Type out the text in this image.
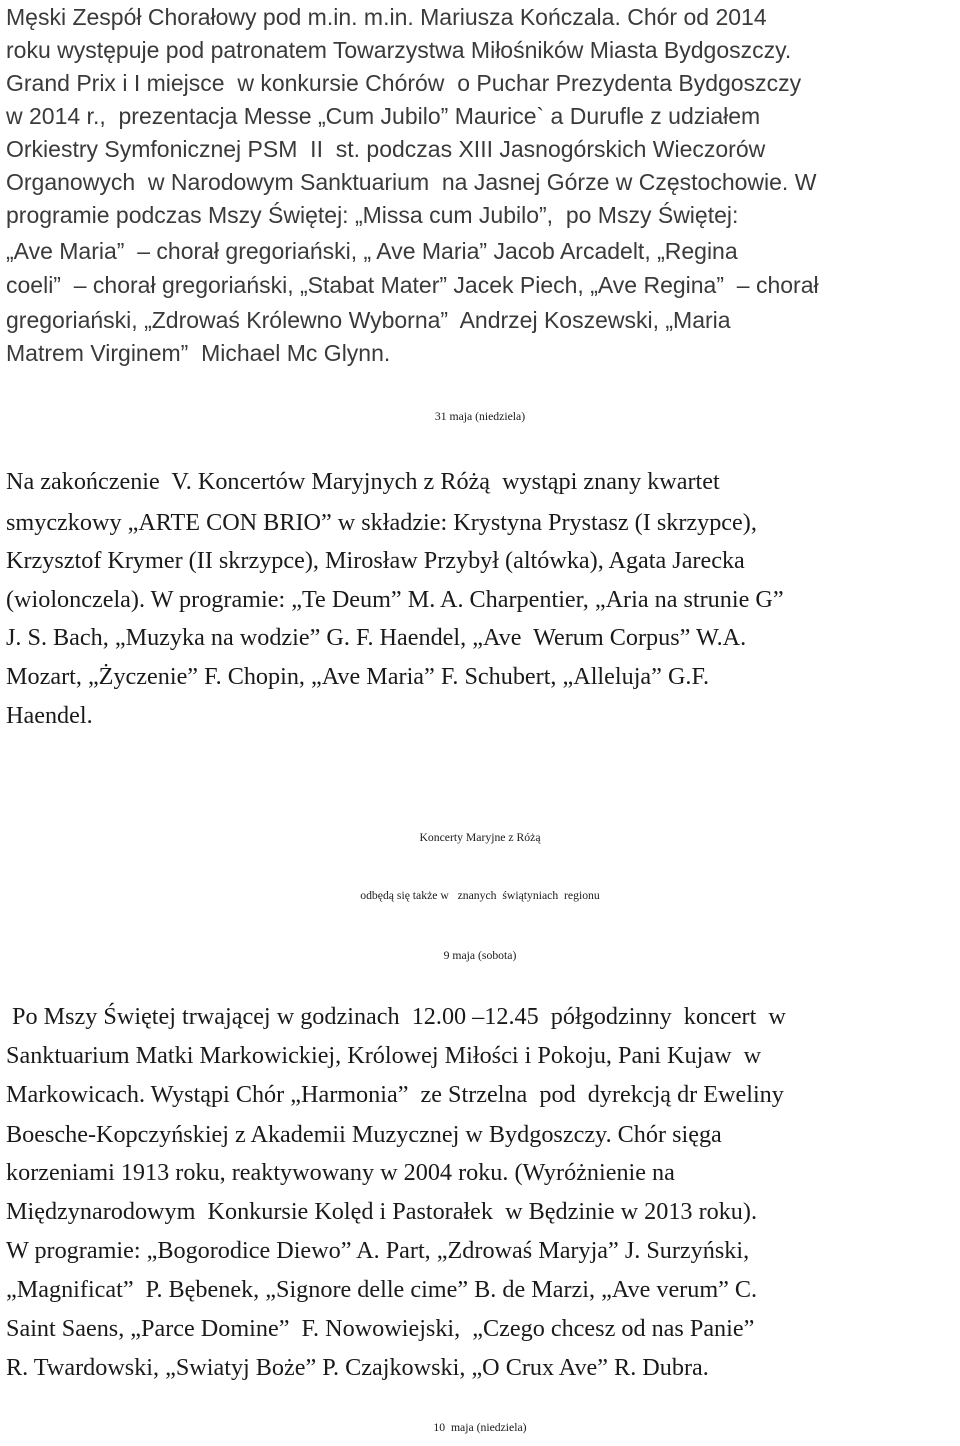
Męski Zespół Chorałowy pod m.in. m.in. Mariusza Kończala. Chór od 2014
roku występuje pod patronatem Towarzystwa Miłośników Miasta Bydgoszczy.
Grand Prix i I miejsce  w konkursie Chórów  o Puchar Prezydenta Bydgoszczy
w 2014 r.,  prezentacja Messe „Cum Jubilo” Maurice` a Durufle z udziałem
Orkiestry Symfonicznej PSM  II  st. podczas XIII Jasnogórskich Wieczorów
Organowych  w Narodowym Sanktuarium  na Jasnej Górze w Częstochowie. W
programie podczas Mszy Świętej: „Missa cum Jubilo”,  po Mszy Świętej:
„Ave Maria”  – chorał gregoriański, „ Ave Maria” Jacob Arcadelt, „Regina
coeli”  – chorał gregoriański, „Stabat Mater” Jacek Piech, „Ave Regina”  – chorał
gregoriański, „Zdrowaś Królewno Wyborna”  Andrzej Koszewski, „Maria
Matrem Virginem”  Michael Mc Glynn.
31 maja (niedziela)
Na zakończenie  V. Koncertów Maryjnych z Różą  wystąpi znany kwartet
smyczkowy „ARTE CON BRIO” w składzie: Krystyna Prystasz (I skrzypce),
Krzysztof Krymer (II skrzypce), Mirosław Przybył (altówka), Agata Jarecka
(wiolonczela). W programie: „Te Deum” M. A. Charpentier, „Aria na strunie G”
J. S. Bach, „Muzyka na wodzie” G. F. Haendel, „Ave  Werum Corpus” W.A.
Mozart, „Życzenie” F. Chopin, „Ave Maria” F. Schubert, „Alleluja” G.F.
Haendel.
Koncerty Maryjne z Różą
odbędą się także w   znanych  świątyniach  regionu
9 maja (sobota)
Po Mszy Świętej trwającej w godzinach  12.00 –12.45  półgodzinny  koncert  w
Sanktuarium Matki Markowickiej, Królowej Miłości i Pokoju, Pani Kujaw  w
Markowicach. Wystąpi Chór „Harmonia”  ze Strzelna  pod  dyrekcją dr Eweliny
Boesche-Kopczyńskiej z Akademii Muzycznej w Bydgoszczy. Chór sięga
korzeniami 1913 roku, reaktywowany w 2004 roku. (Wyróżnienie na
Międzynarodowym  Konkursie Kolęd i Pastorałek  w Będzinie w 2013 roku).
W programie: „Bogorodice Diewo” A. Part, „Zdrowaś Maryja” J. Surzyński,
„Magnificat”  P. Bębenek, „Signore delle cime” B. de Marzi, „Ave verum” C.
Saint Saens, „Parce Domine”  F. Nowowiejski,  „Czego chcesz od nas Panie”
R. Twardowski, „Swiatyj Boże” P. Czajkowski, „O Crux Ave” R. Dubra.
10  maja (niedziela)
